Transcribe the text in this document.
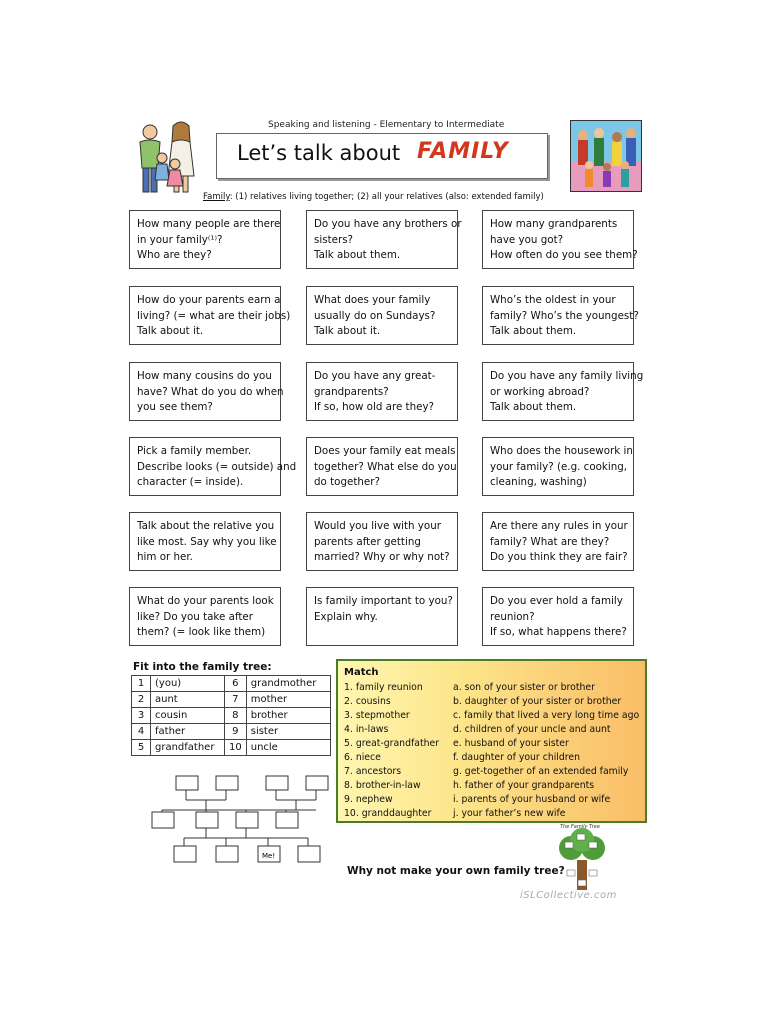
Speaking and listening - Elementary to Intermediate
Let’s talk about FAMILY
Family: (1) relatives living together; (2) all your relatives (also: extended family)
How many people are there
in your family⁽¹⁾?
Who are they?
Do you have any brothers or
sisters?
Talk about them.
How many grandparents
have you got?
How often do you see them?
How do your parents earn a
living? (= what are their jobs)
Talk about it.
What does your family
usually do on Sundays?
Talk about it.
Who’s the oldest in your
family? Who’s the youngest?
Talk about them.
How many cousins do you
have? What do you do when
you see them?
Do you have any great-
grandparents?
If so, how old are they?
Do you have any family living
or working abroad?
Talk about them.
Pick a family member.
Describe looks (= outside) and
character (= inside).
Does your family eat meals
together? What else do you
do together?
Who does the housework in
your family? (e.g. cooking,
cleaning, washing)
Talk about the relative you
like most. Say why you like
him or her.
Would you live with your
parents after getting
married? Why or why not?
Are there any rules in your
family? What are they?
Do you think they are fair?
What do your parents look
like? Do you take after
them? (= look like them)
Is family important to you?
Explain why.
Do you ever hold a family
reunion?
If so, what happens there?
Fit into the family tree:
1	(you)	6	grandmother
2	aunt	7	mother
3	cousin	8	brother
4	father	9	sister
5	grandfather	10	uncle
Me!
Match
1. family reunion	a. son of your sister or brother
2. cousins	b. daughter of your sister or brother
3. stepmother	c. family that lived a very long time ago
4. in-laws	d. children of your uncle and aunt
5. great-grandfather e. husband of your sister
6. niece	f. daughter of your children
7. ancestors	g. get-together of an extended family
8. brother-in-law	h. father of your grandparents
9. nephew	i. parents of your husband or wife
10. granddaughter j. your father’s new wife
Why not make your own family tree?
The Family Tree
iSLCollective.com
